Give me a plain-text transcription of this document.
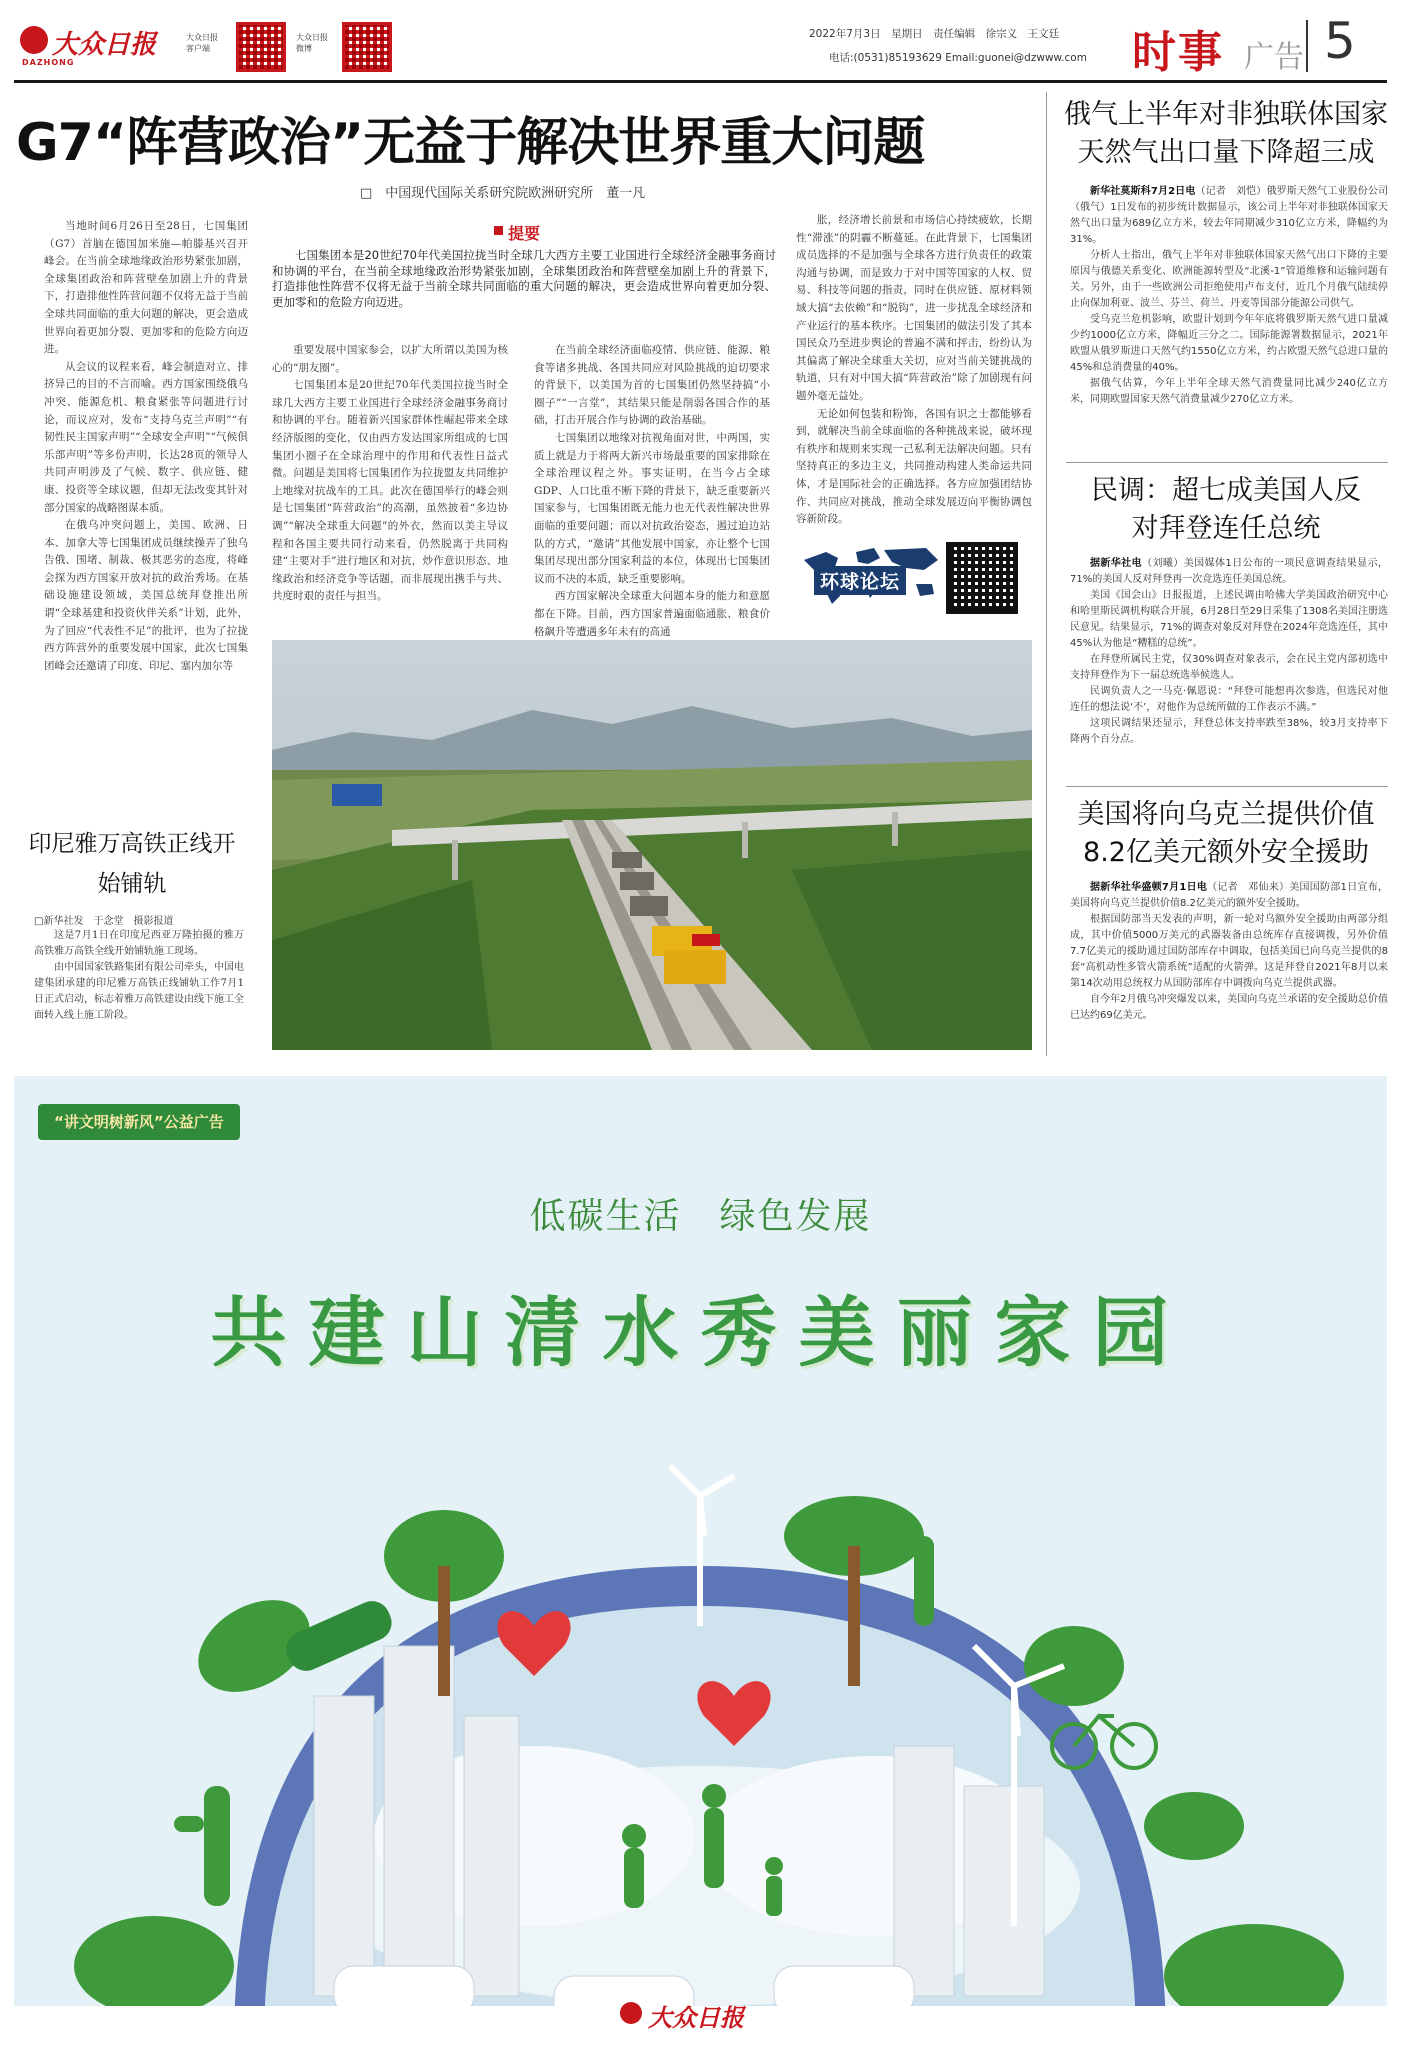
大众日报
DAZHONG
大众日报
客户端
大众日报
微博
2022年7月3日　星期日　责任编辑　徐宗义　王文廷
电话:(0531)85193629 Email:guonei@dzwww.com 时事 广告 5
G7“阵营政治”无益于解决世界重大问题
□　中国现代国际关系研究院欧洲研究所　董一凡
提要

七国集团本是20世纪70年代美国拉拢当时全球几大西方主要工业国进行全球经济金融事务商讨和协调的平台，在当前全球地缘政治形势紧张加剧，全球集团政治和阵营壁垒加剧上升的背景下，打造排他性阵营不仅将无益于当前全球共同面临的重大问题的解决，更会造成世界向着更加分裂、更加零和的危险方向迈进。

当地时间6月26日至28日，七国集团（G7）首脑在德国加米施—帕滕基兴召开峰会。在当前全球地缘政治形势紧张加剧，全球集团政治和阵营壁垒加剧上升的背景下，打造排他性阵营问题不仅将无益于当前全球共同面临的重大问题的解决，更会造成世界向着更加分裂、更加零和的危险方向迈进。

从会议的议程来看，峰会制造对立、排挤异己的目的不言而喻。西方国家围绕俄乌冲突、能源危机、粮食紧张等问题进行讨论，而议应对，发布“支持乌克兰声明”“有韧性民主国家声明”“全球安全声明”“气候俱乐部声明”等多份声明，长达28页的领导人共同声明涉及了气候、数字、供应链、健康、投资等全球议题，但却无法改变其针对部分国家的战略图谋本质。

在俄乌冲突问题上，美国、欧洲、日本、加拿大等七国集团成员继续操弄了独乌告俄、围堵、制裁、极其恶劣的态度，将峰会探为西方国家开放对抗的政治秀场。在基础设施建设领域，美国总统拜登推出所谓“全球基建和投资伙伴关系”计划，此外，为了回应“代表性不足”的批评，也为了拉拢西方阵营外的重要发展中国家，此次七国集团峰会还邀请了印度、印尼、塞内加尔等

重要发展中国家参会，以扩大所谓以美国为核心的“朋友圈”。

七国集团本是20世纪70年代美国拉拢当时全球几大西方主要工业国进行全球经济金融事务商讨和协调的平台。随着新兴国家群体性崛起带来全球经济版图的变化，仅由西方发达国家所组成的七国集团小圈子在全球治理中的作用和代表性日益式微。问题是美国将七国集团作为拉拢盟友共同维护上地缘对抗战车的工具。此次在德国举行的峰会则是七国集团“阵营政治”的高潮，虽然披着“多边协调”“解决全球重大问题”的外衣，然而以美主导议程和各国主要共同行动来看，仍然脱离于共同构建“主要对手”进行地区和对抗，炒作意识形态、地缘政治和经济竞争等话题，而非展现出携手与共、共度时艰的责任与担当。

在当前全球经济面临疫情、供应链、能源、粮食等诸多挑战、各国共同应对风险挑战的迫切要求的背景下，以美国为首的七国集团仍然坚持搞“小圈子”“一言堂”，其结果只能是削弱各国合作的基础，打击开展合作与协调的政治基础。

七国集团以地缘对抗视角面对世，中两国，实质上就是力于将两大新兴市场最重要的国家排除在全球治理议程之外。事实证明，在当今占全球GDP、人口比重不断下降的背景下，缺乏重要新兴国家参与，七国集团既无能力也无代表性解决世界面临的重要问题；而以对抗政治姿态，遏过迫边站队的方式，“邀请”其他发展中国家，亦让整个七国集团尽现出部分国家利益的本位，体现出七国集团议而不决的本质，缺乏重要影响。

西方国家解决全球重大问题本身的能力和意愿都在下降。目前，西方国家普遍面临通胀、粮食价格飙升等遭遇多年未有的高通

胀，经济增长前景和市场信心持续疲软，长期性“滞涨”的阴霾不断蔓延。在此背景下，七国集团成员选择的不是加强与全球各方进行负责任的政策沟通与协调，而是致力于对中国等国家的人权、贸易、科技等问题的指责，同时在供应链、原材料领域大搞“去依赖”和“脱钩”，进一步扰乱全球经济和产业运行的基本秩序。七国集团的做法引发了其本国民众乃至进步舆论的普遍不满和抨击，纷纷认为其偏离了解决全球重大关切，应对当前关键挑战的轨道，只有对中国大搞“阵营政治”除了加剧现有问题外毫无益处。

无论如何包装和粉饰，各国有识之士都能够看到，就解决当前全球面临的各种挑战来说，破坏现有秩序和规则来实现一己私利无法解决问题。只有坚持真正的多边主义，共同推动构建人类命运共同体，才是国际社会的正确选择。各方应加强团结协作、共同应对挑战，推动全球发展迈向平衡协调包容新阶段。

环球论坛
印尼雅万高铁正线开始铺轨
□新华社发　于念堂　摄影报道

这是7月1日在印度尼西亚万隆拍摄的雅万高铁雅万高铁全线开始铺轨施工现场。

由中国国家铁路集团有限公司牵头，中国电建集团承建的印尼雅万高铁正线铺轨工作7月1日正式启动，标志着雅万高铁建设由线下施工全面转入线上施工阶段。

俄气上半年对非独联体国家天然气出口量下降超三成

新华社莫斯科7月2日电（记者　刘恺）俄罗斯天然气工业股份公司（俄气）1日发布的初步统计数据显示，该公司上半年对非独联体国家天然气出口量为689亿立方米，较去年同期减少310亿立方米，降幅约为31%。

分析人士指出，俄气上半年对非独联体国家天然气出口下降的主要原因与俄德关系变化、欧洲能源转型及“北溪-1”管道维修和运输问题有关。另外，由于一些欧洲公司拒绝使用卢布支付，近几个月俄气陆续停止向保加利亚、波兰、芬兰、荷兰、丹麦等国部分能源公司供气。

受乌克兰危机影响，欧盟计划到今年年底将俄罗斯天然气进口量减少约1000亿立方米，降幅近三分之二。国际能源署数据显示，2021年欧盟从俄罗斯进口天然气约1550亿立方米，约占欧盟天然气总进口量的45%和总消费量的40%。

据俄气估算，今年上半年全球天然气消费量同比减少240亿立方米，同期欧盟国家天然气消费量减少270亿立方米。

民调：超七成美国人反对拜登连任总统

据新华社电（刘曦）美国媒体1日公布的一项民意调查结果显示，71%的美国人反对拜登再一次竞选连任美国总统。

美国《国会山》日报报道，上述民调由哈佛大学美国政治研究中心和哈里斯民调机构联合开展，6月28日至29日采集了1308名美国注册选民意见。结果显示，71%的调查对象反对拜登在2024年竞选连任，其中45%认为他是“糟糕的总统”。

在拜登所属民主党，仅30%调查对象表示，会在民主党内部初选中支持拜登作为下一届总统选举候选人。

民调负责人之一马克·佩恩说：“拜登可能想再次参选，但选民对他连任的想法说‘不’，对他作为总统所做的工作表示不满。”

这项民调结果还显示，拜登总体支持率跌至38%，较3月支持率下降两个百分点。

美国将向乌克兰提供价值8.2亿美元额外安全援助

据新华社华盛顿7月1日电（记者　邓仙来）美国国防部1日宣布，美国将向乌克兰提供价值8.2亿美元的额外安全援助。

根据国防部当天发表的声明，新一轮对乌额外安全援助由两部分组成，其中价值5000万美元的武器装备由总统库存直接调拨，另外价值7.7亿美元的援助通过国防部库存中调取，包括美国已向乌克兰提供的8套“高机动性多管火箭系统”适配的火箭弹。这是拜登自2021年8月以来第14次动用总统权力从国防部库存中调拨向乌克兰提供武器。

自今年2月俄乌冲突爆发以来，美国向乌克兰承诺的安全援助总价值已达约69亿美元。

“讲文明树新风”公益广告
低碳生活　绿色发展
共建山清水秀美丽家园
大众日报
